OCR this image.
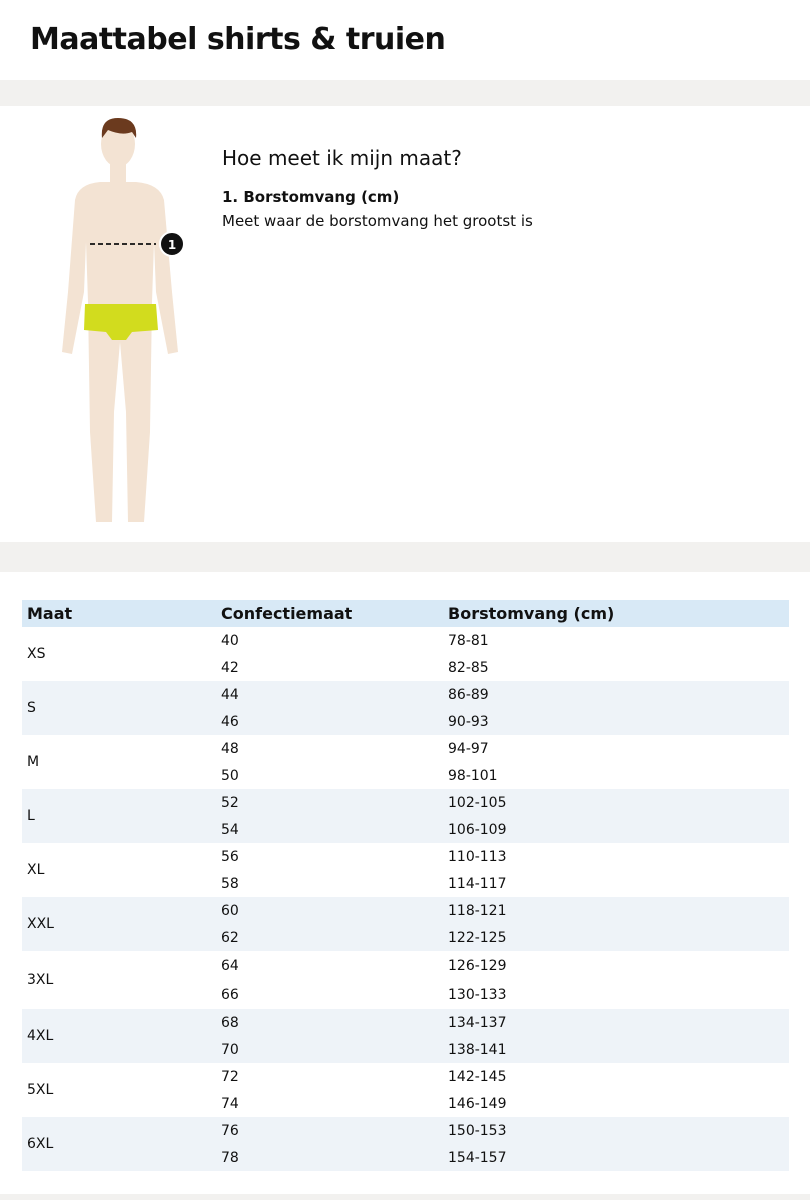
Maattabel shirts & truien
1
Hoe meet ik mijn maat?
1. Borstomvang (cm)
Meet waar de borstomvang het grootst is
Maat	Confectiemaat	Borstomvang (cm)
XS	40	78-81
	42	82-85
S	44	86-89
	46	90-93
M	48	94-97
	50	98-101
L	52	102-105
	54	106-109
XL	56	110-113
	58	114-117
XXL	60	118-121
	62	122-125
3XL	64	126-129
	66	130-133
4XL	68	134-137
	70	138-141
5XL	72	142-145
	74	146-149
6XL	76	150-153
	78	154-157
